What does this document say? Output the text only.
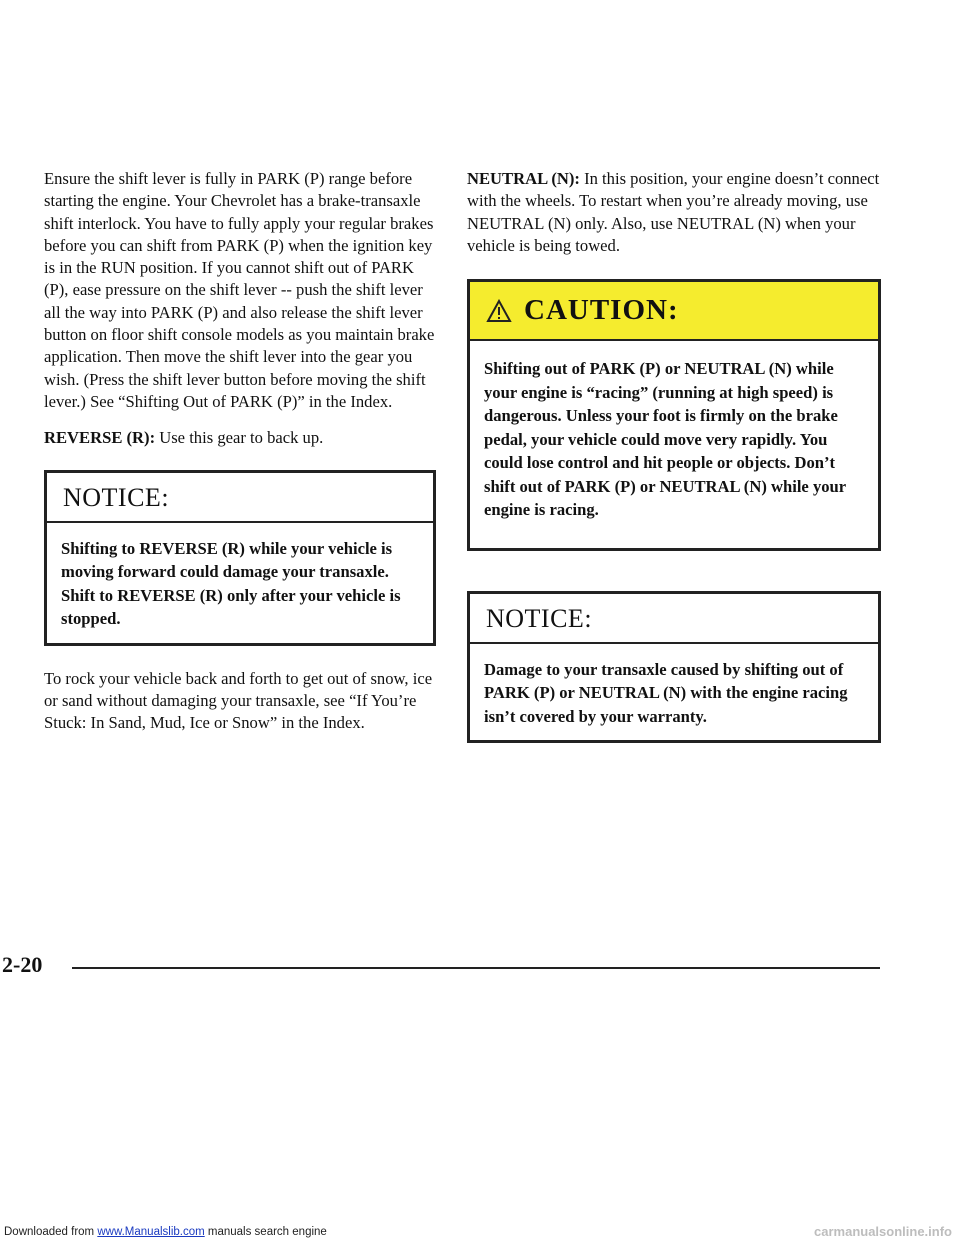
Ensure the shift lever is fully in PARK (P) range before starting the engine. Your Chevrolet has a brake-transaxle shift interlock. You have to fully apply your regular brakes before you can shift from PARK (P) when the ignition key is in the RUN position. If you cannot shift out of PARK (P), ease pressure on the shift lever -- push the shift lever all the way into PARK (P) and also release the shift lever button on floor shift console models as you maintain brake application. Then move the shift lever into the gear you wish. (Press the shift lever button before moving the shift lever.) See “Shifting Out of PARK (P)” in the Index.

REVERSE (R): Use this gear to back up.

NOTICE:
Shifting to REVERSE (R) while your vehicle is moving forward could damage your transaxle. Shift to REVERSE (R) only after your vehicle is stopped.

To rock your vehicle back and forth to get out of snow, ice or sand without damaging your transaxle, see “If You’re Stuck: In Sand, Mud, Ice or Snow” in the Index.

NEUTRAL (N): In this position, your engine doesn’t connect with the wheels. To restart when you’re already moving, use NEUTRAL (N) only. Also, use NEUTRAL (N) when your vehicle is being towed.

CAUTION:
Shifting out of PARK (P) or NEUTRAL (N) while your engine is “racing” (running at high speed) is dangerous. Unless your foot is firmly on the brake pedal, your vehicle could move very rapidly. You could lose control and hit people or objects. Don’t shift out of PARK (P) or NEUTRAL (N) while your engine is racing.
NOTICE:
Damage to your transaxle caused by shifting out of PARK (P) or NEUTRAL (N) with the engine racing isn’t covered by your warranty.
2-20
Downloaded from www.Manualslib.com manuals search engine	carmanualsonline.info
